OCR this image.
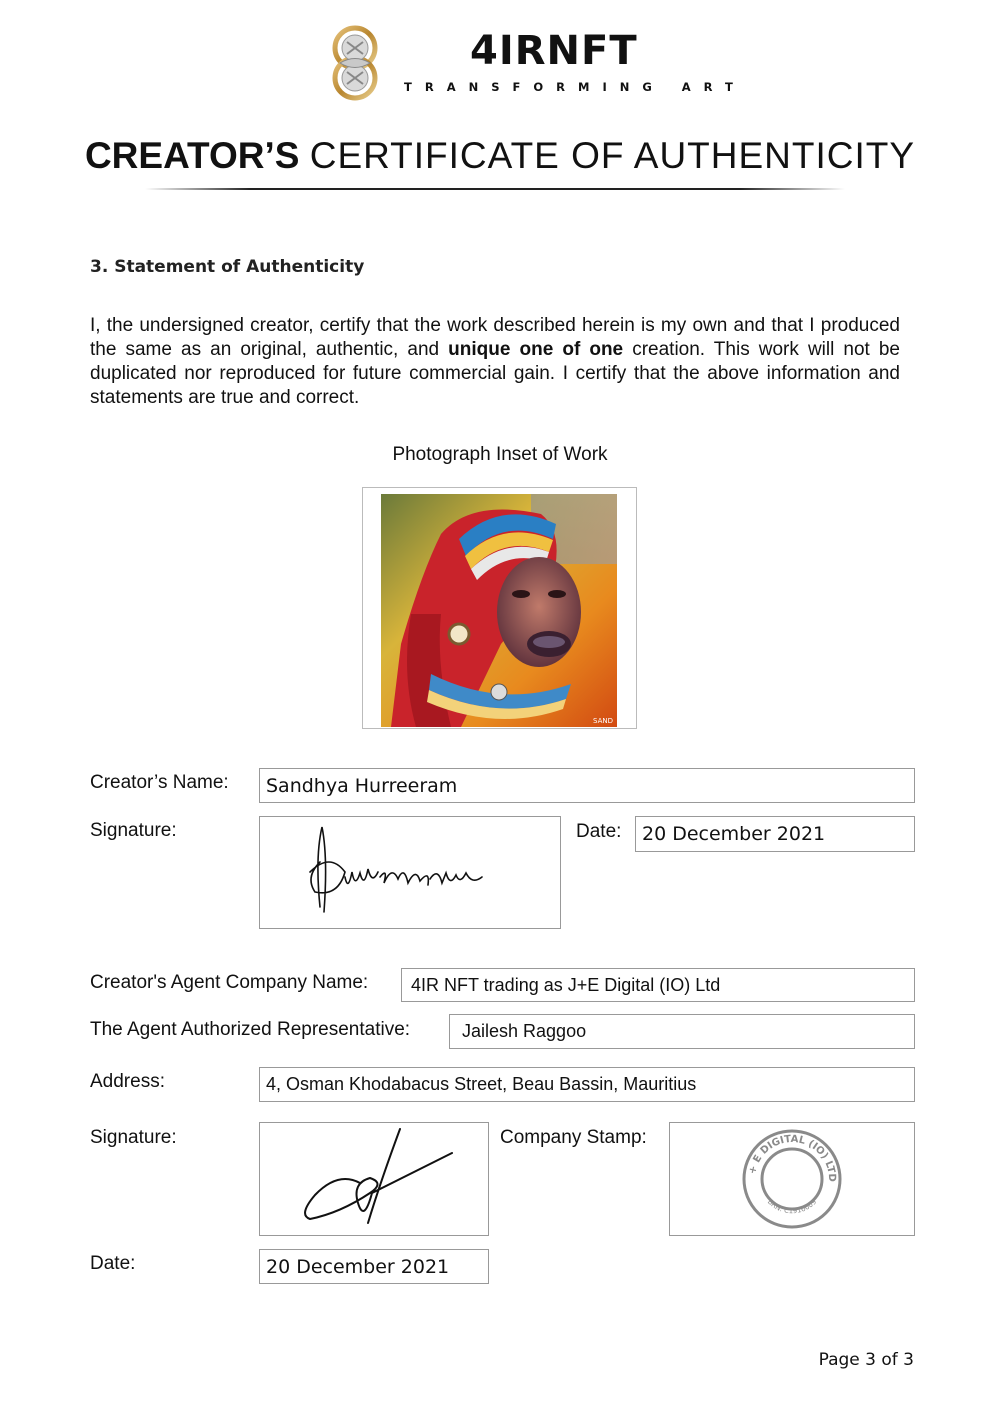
4IRNFT
TRANSFORMING ART
CREATOR’S CERTIFICATE OF AUTHENTICITY
3. Statement of Authenticity
I, the undersigned creator, certify that the work described herein is my own and that I produced the same as an original, authentic, and unique one of one creation. This work will not be duplicated nor reproduced for future commercial gain. I certify that the above information and statements are true and correct.
Photograph Inset of Work
SAND
Creator’s Name:	Sandhya Hurreeram
Signature:	Date:	20 December 2021
Creator's Agent Company Name:	4IR NFT trading as J+E Digital (IO) Ltd
The Agent Authorized Representative:	Jailesh Raggoo
Address:	4, Osman Khodabacus Street, Beau Bassin, Mauritius
Signature:	Company Stamp:
+ E DIGITAL (IO) LTD
BRN: C1916609
Date:	20 December 2021
Page 3 of 3
